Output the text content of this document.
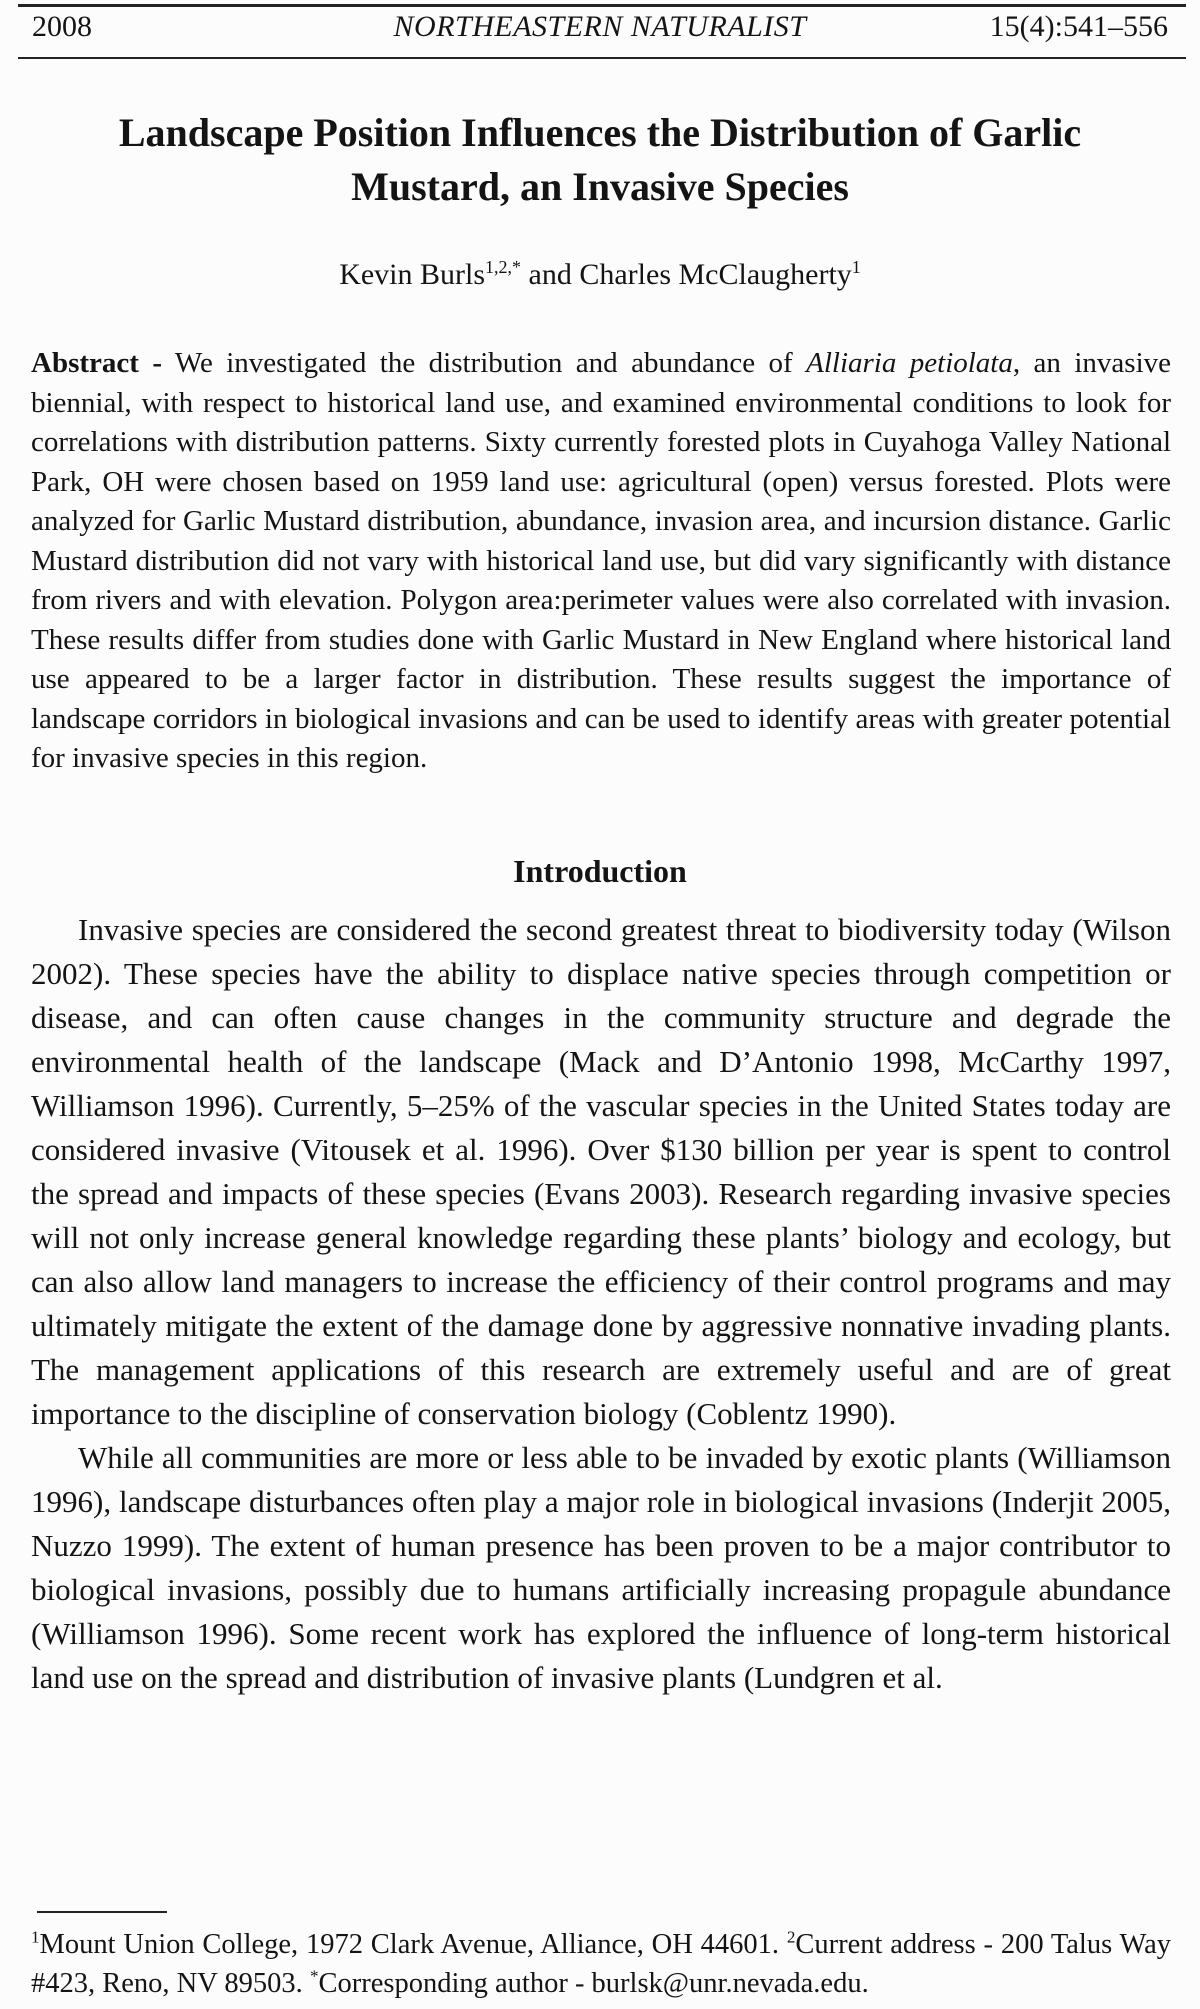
2008	NORTHEASTERN NATURALIST	15(4):541–556
Landscape Position Influences the Distribution of Garlic Mustard, an Invasive Species
Kevin Burls$^{1,2,*}$ and Charles McClaugherty$^1$

Abstract - We investigated the distribution and abundance of Alliaria petiolata, an invasive biennial, with respect to historical land use, and examined environmental conditions to look for correlations with distribution patterns. Sixty currently forested plots in Cuyahoga Valley National Park, OH were chosen based on 1959 land use: agricultural (open) versus forested. Plots were analyzed for Garlic Mustard distribution, abundance, invasion area, and incursion distance. Garlic Mustard distribution did not vary with historical land use, but did vary significantly with distance from rivers and with elevation. Polygon area:perimeter values were also correlated with invasion. These results differ from studies done with Garlic Mustard in New England where historical land use appeared to be a larger factor in distribution. These results suggest the importance of landscape corridors in biological invasions and can be used to identify areas with greater potential for invasive species in this region.

Introduction

Invasive species are considered the second greatest threat to biodiversity today (Wilson 2002). These species have the ability to displace native species through competition or disease, and can often cause changes in the community structure and degrade the environmental health of the landscape (Mack and D’Antonio 1998, McCarthy 1997, Williamson 1996). Currently, 5–25% of the vascular species in the United States today are considered invasive (Vitousek et al. 1996). Over $130 billion per year is spent to control the spread and impacts of these species (Evans 2003). Research regarding invasive species will not only increase general knowledge regarding these plants’ biology and ecology, but can also allow land managers to increase the efficiency of their control programs and may ultimately mitigate the extent of the damage done by aggressive nonnative invading plants. The management applications of this research are extremely useful and are of great importance to the discipline of conservation biology (Coblentz 1990).

While all communities are more or less able to be invaded by exotic plants (Williamson 1996), landscape disturbances often play a major role in biological invasions (Inderjit 2005, Nuzzo 1999). The extent of human presence has been proven to be a major contributor to biological invasions, possibly due to humans artificially increasing propagule abundance (Williamson 1996). Some recent work has explored the influence of long-term historical land use on the spread and distribution of invasive plants (Lundgren et al.

$^1$Mount Union College, 1972 Clark Avenue, Alliance, OH 44601. $^2$Current address - 200 Talus Way #423, Reno, NV 89503. *Corresponding author - burlsk@unr.nevada.edu.
